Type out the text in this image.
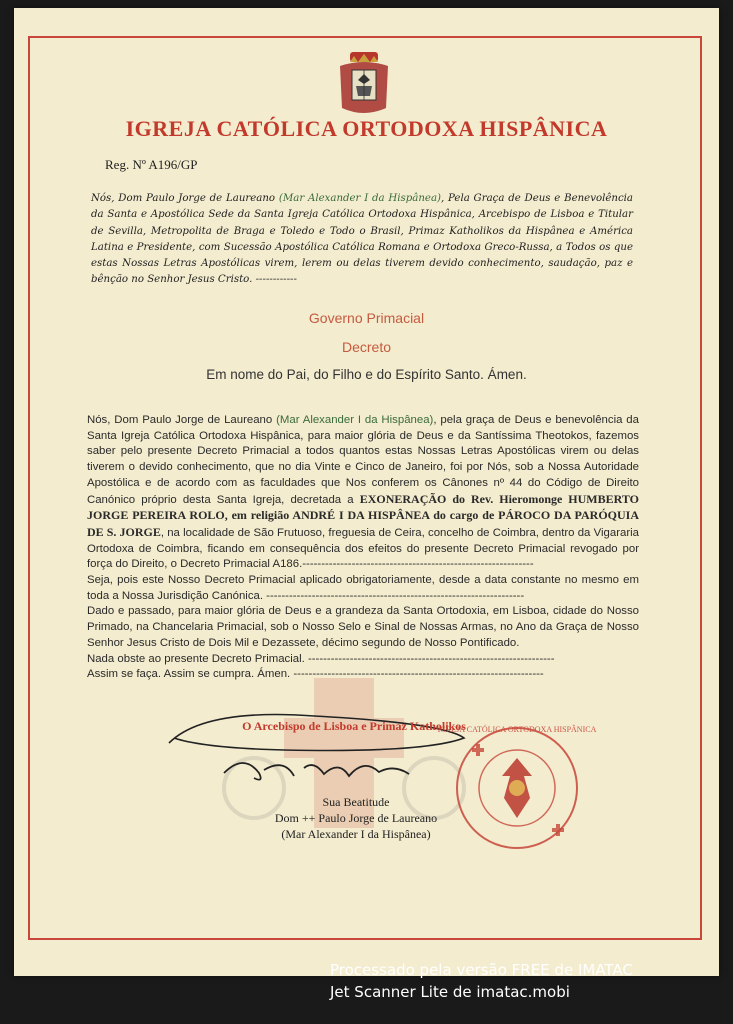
IGREJA CATÓLICA ORTODOXA HISPÂNICA
Reg. Nº A196/GP
Nós, Dom Paulo Jorge de Laureano (Mar Alexander I da Hispânea), Pela Graça de Deus e Benevolência da Santa e Apostólica Sede da Santa Igreja Católica Ortodoxa Hispânica, Arcebispo de Lisboa e Titular de Sevilla, Metropolita de Braga e Toledo e Todo o Brasil, Primaz Katholikos da Hispânea e América Latina e Presidente, com Sucessão Apostólica Católica Romana e Ortodoxa Greco-Russa, a Todos os que estas Nossas Letras Apostólicas virem, lerem ou delas tiverem devido conhecimento, saudação, paz e bênção no Senhor Jesus Cristo. ------------
Governo Primacial
Decreto
Em nome do Pai, do Filho e do Espírito Santo. Ámen.

Nós, Dom Paulo Jorge de Laureano (Mar Alexander I da Hispânea), pela graça de Deus e benevolência da Santa Igreja Católica Ortodoxa Hispânica, para maior glória de Deus e da Santíssima Theotokos, fazemos saber pelo presente Decreto Primacial a todos quantos estas Nossas Letras Apostólicas virem ou delas tiverem o devido conhecimento, que no dia Vinte e Cinco de Janeiro, foi por Nós, sob a Nossa Autoridade Apostólica e de acordo com as faculdades que Nos conferem os Cânones nº 44 do Código de Direito Canónico próprio desta Santa Igreja, decretada a EXONERAÇÃO do Rev. Hieromonge HUMBERTO JORGE PEREIRA ROLO, em religião ANDRÉ I DA HISPÂNEA do cargo de PÁROCO DA PARÓQUIA DE S. JORGE, na localidade de São Frutuoso, freguesia de Ceira, concelho de Coimbra, dentro da Vigararia Ortodoxa de Coimbra, ficando em consequência dos efeitos do presente Decreto Primacial revogado por força do Direito, o Decreto Primacial A186.-------------------------------------------------------------

Seja, pois este Nosso Decreto Primacial aplicado obrigatoriamente, desde a data constante no mesmo em toda a Nossa Jurisdição Canónica. --------------------------------------------------------------------

Dado e passado, para maior glória de Deus e a grandeza da Santa Ortodoxia, em Lisboa, cidade do Nosso Primado, na Chancelaria Primacial, sob o Nosso Selo e Sinal de Nossas Armas, no Ano da Graça de Nosso Senhor Jesus Cristo de Dois Mil e Dezassete, décimo segundo de Nosso Pontificado.

Nada obste ao presente Decreto Primacial. -----------------------------------------------------------------

Assim se faça. Assim se cumpra. Ámen. ------------------------------------------------------------------

O Arcebispo de Lisboa e Primaz Katholikos
Sua Beatitude
Dom ++ Paulo Jorge de Laureano
(Mar Alexander I da Hispânea)
IGREJA CATÓLICA ORTODOXA HISPÂNICA
Processado pela versão FREE de IMATAC
Jet Scanner Lite de imatac.mobi
